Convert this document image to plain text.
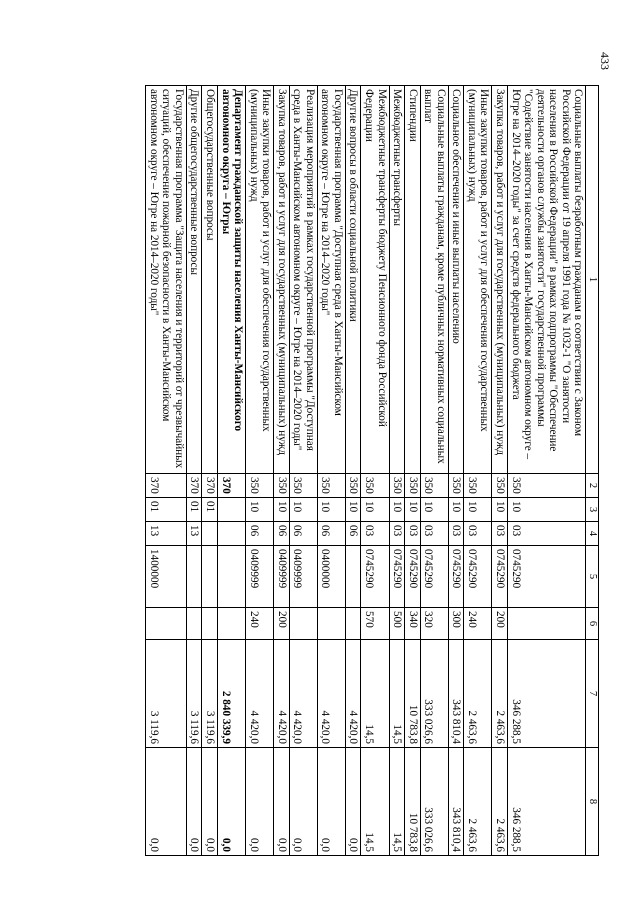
433
1	2	3	4	5	6	7	8
Социальные выплаты безработным гражданам в соответствии с Законом Российской Федерации от 19 апреля 1991 года № 1032-1 "О занятости населения в Российской Федерации" в рамках подпрограммы "Обеспечение деятельности органов службы занятости" государственной программы "Содействие занятости населения в Ханты-Мансийском автономном округе – Югре на 2014–2020 годы" за счет средств федерального бюджета	350	10	03	0745290		346 288,5	346 288,5
Закупка товаров, работ и услуг для государственных (муниципальных) нужд	350	10	03	0745290	200	2 463,6	2 463,6
Иные закупки товаров, работ и услуг для обеспечения государственных (муниципальных) нужд	350	10	03	0745290	240	2 463,6	2 463,6
Социальное обеспечение и иные выплаты населению	350	10	03	0745290	300	343 810,4	343 810,4
Социальные выплаты гражданам, кроме публичных нормативных социальных выплат	350	10	03	0745290	320	333 026,6	333 026,6
Стипендии	350	10	03	0745290	340	10 783,8	10 783,8
Межбюджетные трансферты	350	10	03	0745290	500	14,5	14,5
Межбюджетные трансферты бюджету Пенсионного фонда Российской Федерации	350	10	03	0745290	570	14,5	14,5
Другие вопросы в области социальной политики	350	10	06			4 420,0	0,0
Государственная программа "Доступная среда в Ханты-Мансийском автономном округе – Югре на 2014–2020 годы"	350	10	06	0400000		4 420,0	0,0
Реализация мероприятий в рамках государственной программы "Доступная среда в Ханты-Мансийском автономном округе – Югре на 2014–2020 годы"	350	10	06	0409999		4 420,0	0,0
Закупка товаров, работ и услуг для государственных (муниципальных) нужд	350	10	06	0409999	200	4 420,0	0,0
Иные закупки товаров, работ и услуг для обеспечения государственных (муниципальных) нужд	350	10	06	0409999	240	4 420,0	0,0
Департамент гражданской защиты населения Ханты-Мансийского автономного округа – Югры	370					2 840 339,9	0,0
Общегосударственные вопросы	370	01				3 119,6	0,0
Другие общегосударственные вопросы	370	01	13			3 119,6	0,0
Государственная программа "Защита населения и территорий от чрезвычайных ситуаций, обеспечение пожарной безопасности в Ханты-Мансийском автономном округе – Югре на 2014–2020 годы"	370	01	13	1400000		3 119,6	0,0
